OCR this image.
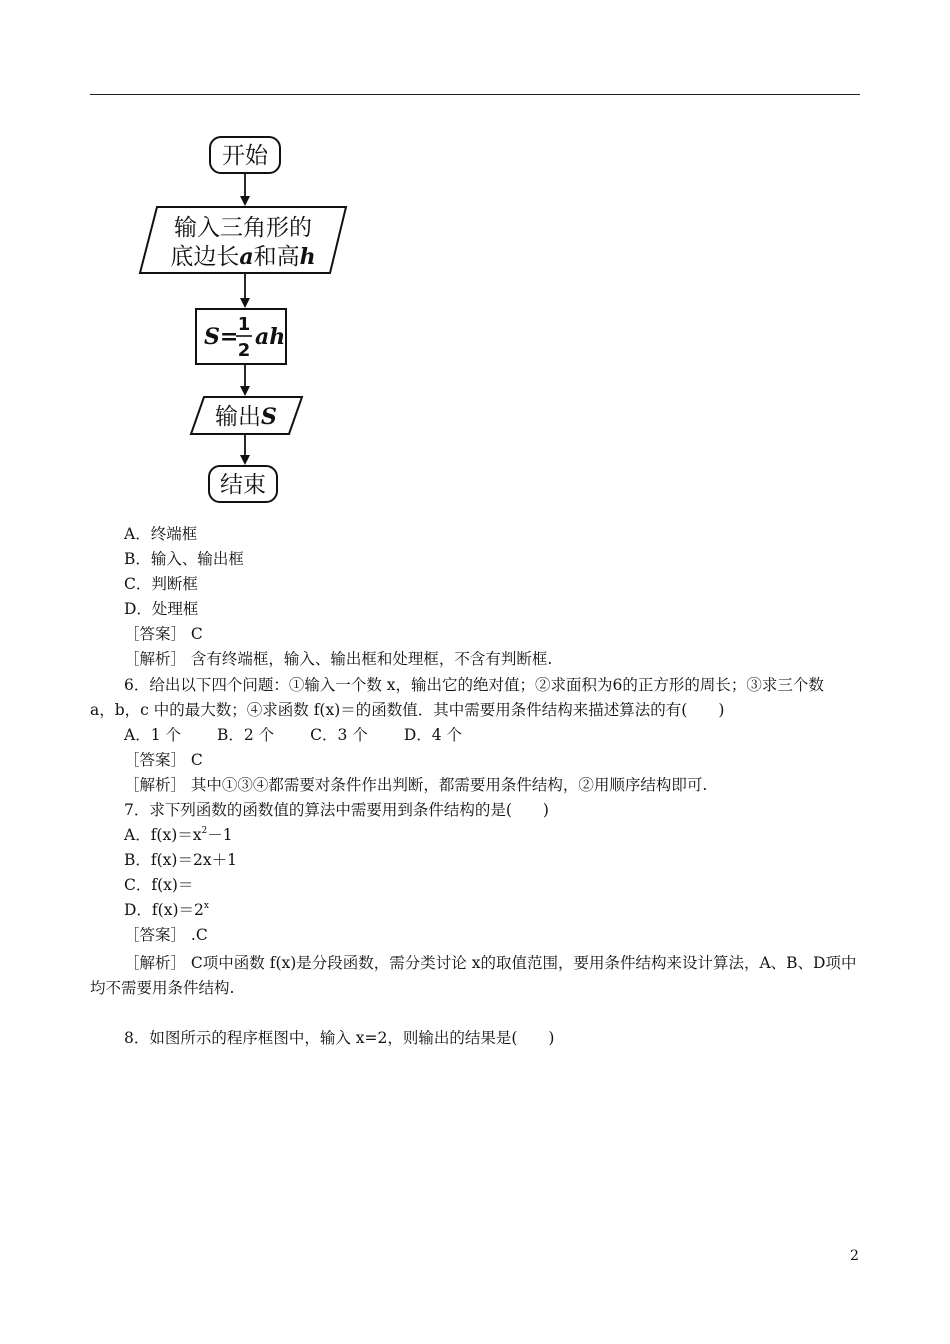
开始
输入三角形的
底边长a和高h
S= 1
2
ah
输出S
结束
A．终端框
B．输入、输出框
C．判断框
D．处理框
［答案］ C
［解析］ 含有终端框，输入、输出框和处理框，不含有判断框.
6．给出以下四个问题：①输入一个数 x，输出它的绝对值；②求面积为6的正方形的周长；③求三个数
a，b，c 中的最大数；④求函数 f(x)＝的函数值．其中需要用条件结构来描述算法的有(　　)
A．1 个 B．2 个 C．3 个 D．4 个
［答案］ C
［解析］ 其中①③④都需要对条件作出判断，都需要用条件结构，②用顺序结构即可.
7．求下列函数的函数值的算法中需要用到条件结构的是(　　)
A．$f(x)=x^2-1$
B．f(x)＝2x＋1
C．f(x)＝
D．$f(x)=2^x$
［答案］ .C
［解析］ C项中函数 f(x)是分段函数，需分类讨论 x的取值范围，要用条件结构来设计算法，A、B、D项中均不需要用条件结构.
8．如图所示的程序框图中，输入 x=2，则输出的结果是(　　)
2
